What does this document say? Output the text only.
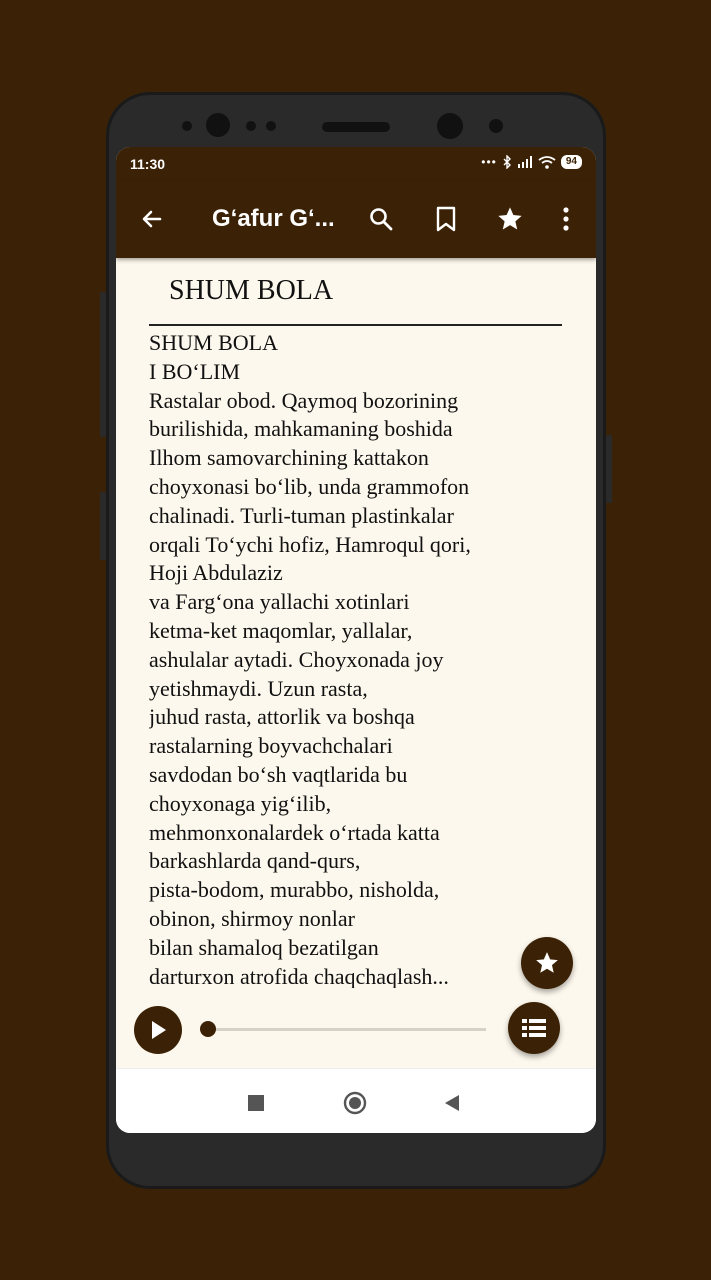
11:30	•••	94
G‘afur G‘...
SHUM BOLA
SHUM BOLA
I BO‘LIM
Rastalar obod. Qaymoq bozorining
burilishida, mahkamaning boshida
Ilhom samovarchining kattakon
choyxonasi bo‘lib, unda grammofon
chalinadi. Turli-tuman plastinkalar
orqali To‘ychi hofiz, Hamroqul qori,
Hoji Abdulaziz
va Farg‘ona yallachi xotinlari
ketma-ket maqomlar, yallalar,
ashulalar aytadi. Choyxonada joy
yetishmaydi. Uzun rasta,
juhud rasta, attorlik va boshqa
rastalarning boyvachchalari
savdodan bo‘sh vaqtlarida bu
choyxonaga yig‘ilib,
mehmonxonalardek o‘rtada katta
barkashlarda qand-qurs,
pista-bodom, murabbo, nisholda,
obinon, shirmoy nonlar
bilan shamaloq bezatilgan
darturxon atrofida chaqchaqlash...
